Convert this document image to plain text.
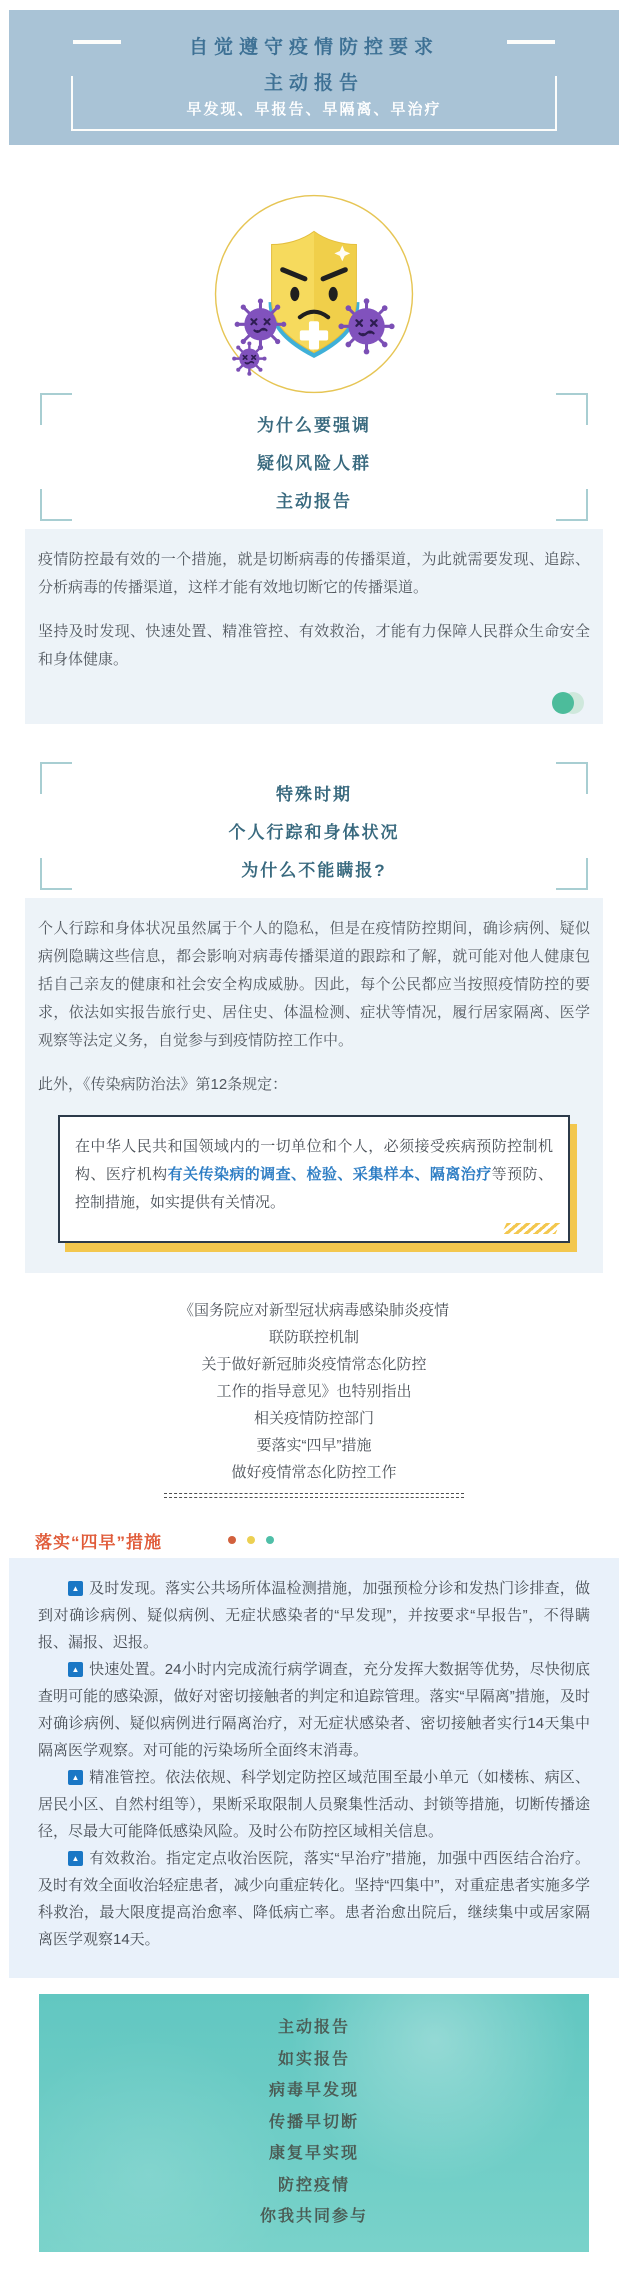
自觉遵守疫情防控要求
主动报告
早发现、早报告、早隔离、早治疗
为什么要强调
疑似风险人群
主动报告

疫情防控最有效的一个措施，就是切断病毒的传播渠道，为此就需要发现、追踪、分析病毒的传播渠道，这样才能有效地切断它的传播渠道。

坚持及时发现、快速处置、精准管控、有效救治，才能有力保障人民群众生命安全和身体健康。

特殊时期
个人行踪和身体状况
为什么不能瞒报?

个人行踪和身体状况虽然属于个人的隐私，但是在疫情防控期间，确诊病例、疑似病例隐瞒这些信息，都会影响对病毒传播渠道的跟踪和了解，就可能对他人健康包括自己亲友的健康和社会安全构成威胁。因此，每个公民都应当按照疫情防控的要求，依法如实报告旅行史、居住史、体温检测、症状等情况，履行居家隔离、医学观察等法定义务，自觉参与到疫情防控工作中。

此外，《传染病防治法》第12条规定：

在中华人民共和国领域内的一切单位和个人，必须接受疾病预防控制机构、医疗机构有关传染病的调查、检验、采集样本、隔离治疗等预防、控制措施，如实提供有关情况。

《国务院应对新型冠状病毒感染肺炎疫情
联防联控机制
关于做好新冠肺炎疫情常态化防控
工作的指导意见》也特别指出
相关疫情防控部门
要落实“四早”措施
做好疫情常态化防控工作
落实“四早”措施

▲ 及时发现。落实公共场所体温检测措施，加强预检分诊和发热门诊排查，做到对确诊病例、疑似病例、无症状感染者的“早发现”，并按要求“早报告”，不得瞒报、漏报、迟报。

▲ 快速处置。24小时内完成流行病学调查，充分发挥大数据等优势，尽快彻底查明可能的感染源，做好对密切接触者的判定和追踪管理。落实“早隔离”措施，及时对确诊病例、疑似病例进行隔离治疗，对无症状感染者、密切接触者实行14天集中隔离医学观察。对可能的污染场所全面终末消毒。

▲ 精准管控。依法依规、科学划定防控区域范围至最小单元（如楼栋、病区、居民小区、自然村组等），果断采取限制人员聚集性活动、封锁等措施，切断传播途径，尽最大可能降低感染风险。及时公布防控区域相关信息。

▲ 有效救治。指定定点收治医院，落实“早治疗”措施，加强中西医结合治疗。及时有效全面收治轻症患者，减少向重症转化。坚持“四集中”，对重症患者实施多学科救治，最大限度提高治愈率、降低病亡率。患者治愈出院后，继续集中或居家隔离医学观察14天。

主动报告
如实报告
病毒早发现
传播早切断
康复早实现
防控疫情
你我共同参与
